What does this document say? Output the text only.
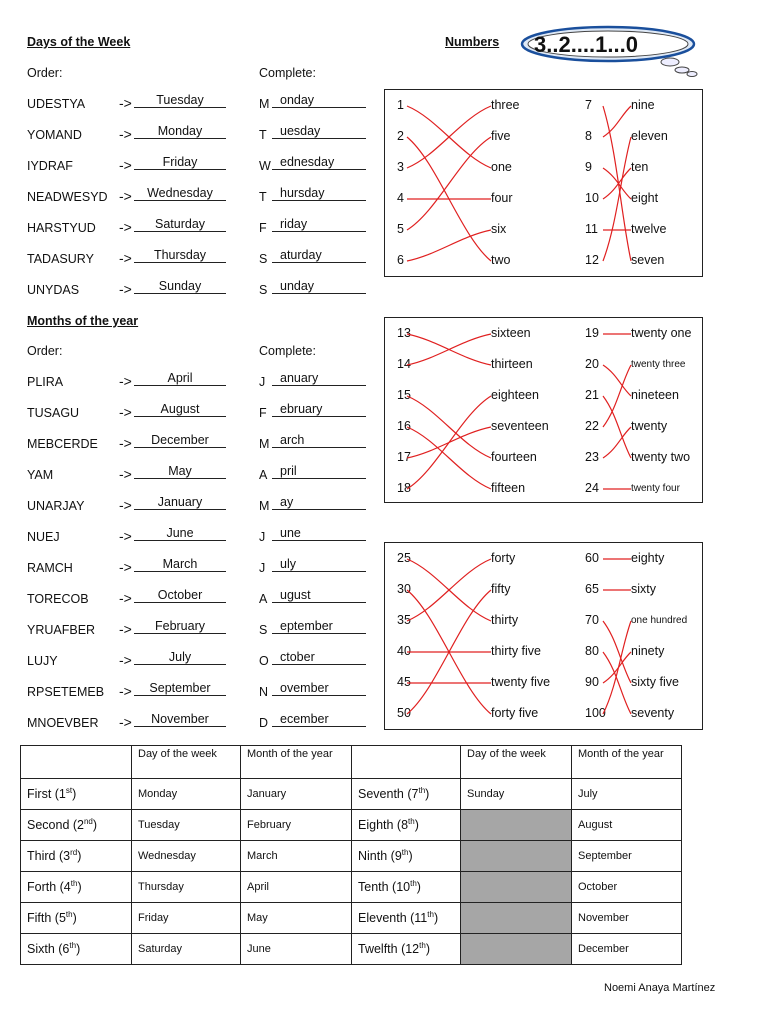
Days of the Week	Numbers 3..2....1...0
Order:	Complete:
UDESTYA ->	Tuesday	M onday
YOMAND	->	Monday	T	uesday
IYDRAF	->	Friday	W ednesday
NEADWESYD ->	Wednesday	T	hursday
HARSTYUD ->	Saturday	F	riday
TADASURY ->	Thursday	S	aturday
UNYDAS	->	Sunday	S	unday
Months of the year
Order:	Complete:
PLIRA	->	April	J	anuary
TUSAGU	->	August	F	ebruary
MEBCERDE ->	December	M arch
YAM	->	May	A	pril
UNARJAY ->	January	M ay
NUEJ	->	June	J	une
RAMCH	->	March	J	uly
TORECOB ->	October	A	ugust
YRUAFBER ->	February	S	eptember
LUJY	->	July	O ctober
RPSETEMEB ->	September	N ovember
MNOEVBER ->	November	D ecember
1	three	7	nine
2	five	8	eleven
3	one	9	ten
4	four	10	eight
5	six	11	twelve
6	two	12	seven
13	sixteen	19	twenty one
14	thirteen	20	twenty three
15	eighteen	21	nineteen
16	seventeen	22	twenty
17	fourteen	23	twenty two
18	fifteen	24	twenty four
25	forty	60	eighty
30	fifty	65	sixty
35	thirty	70	one hundred
40	thirty five	80	ninety
45	twenty five	90	sixty five
50	forty five	100 seventy
	Day of the week	Month of the year		Day of the week	Month of the year
First (1st)	Monday	January	Seventh (7th)	Sunday	July
Second (2nd)	Tuesday	February	Eighth (8th)		August
Third (3rd)	Wednesday	March	Ninth (9th)		September
Forth (4th)	Thursday	April	Tenth (10th)		October
Fifth (5th)	Friday	May	Eleventh (11th)		November
Sixth (6th)	Saturday	June	Twelfth (12th)		December
Noemi Anaya Martínez
